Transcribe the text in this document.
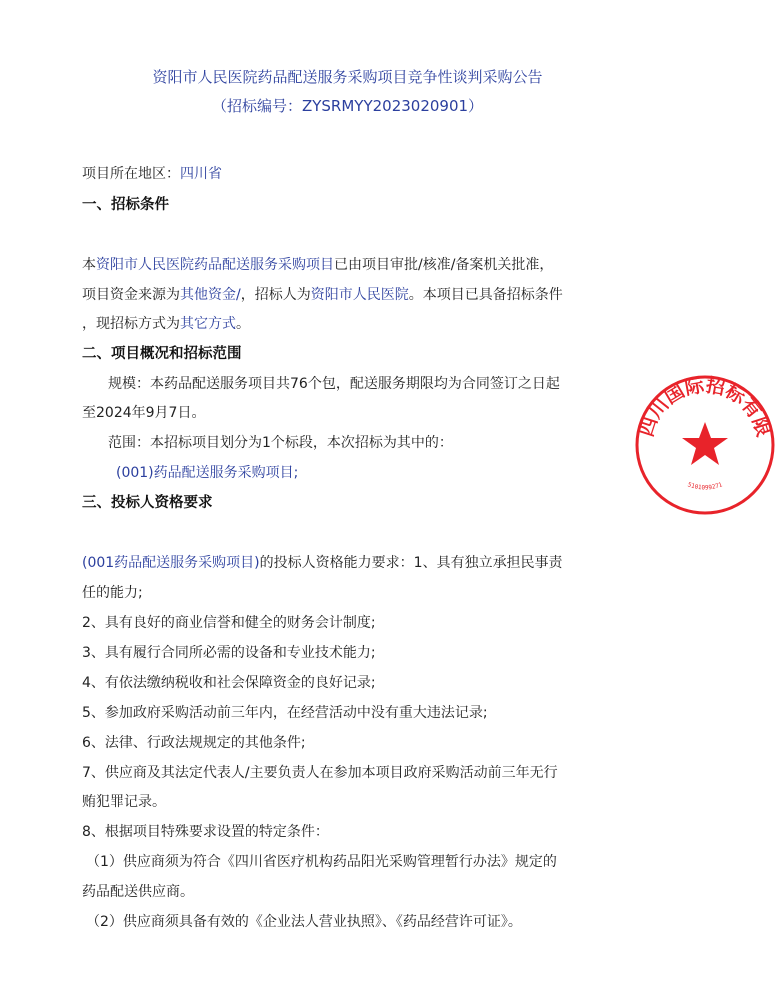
资阳市人民医院药品配送服务采购项目竞争性谈判采购公告
（招标编号：ZYSRMYY2023020901）
项目所在地区：四川省
一、招标条件
本资阳市人民医院药品配送服务采购项目已由项目审批/核准/备案机关批准，
项目资金来源为其他资金/，招标人为资阳市人民医院。本项目已具备招标条件
，现招标方式为其它方式。
二、项目概况和招标范围
规模：本药品配送服务项目共76个包，配送服务期限均为合同签订之日起
至2024年9月7日。
范围：本招标项目划分为1个标段，本次招标为其中的：
(001)药品配送服务采购项目;
三、投标人资格要求
(001药品配送服务采购项目)的投标人资格能力要求：1、具有独立承担民事责
任的能力;
2、具有良好的商业信誉和健全的财务会计制度;
3、具有履行合同所必需的设备和专业技术能力;
4、有依法缴纳税收和社会保障资金的良好记录;
5、参加政府采购活动前三年内，在经营活动中没有重大违法记录;
6、法律、行政法规规定的其他条件;
7、供应商及其法定代表人/主要负责人在参加本项目政府采购活动前三年无行
贿犯罪记录。
8、根据项目特殊要求设置的特定条件：
（1）供应商须为符合《四川省医疗机构药品阳光采购管理暂行办法》规定的
药品配送供应商。
（2）供应商须具备有效的《企业法人营业执照》、《药品经营许可证》。
四川国际招标有限
5101099271
